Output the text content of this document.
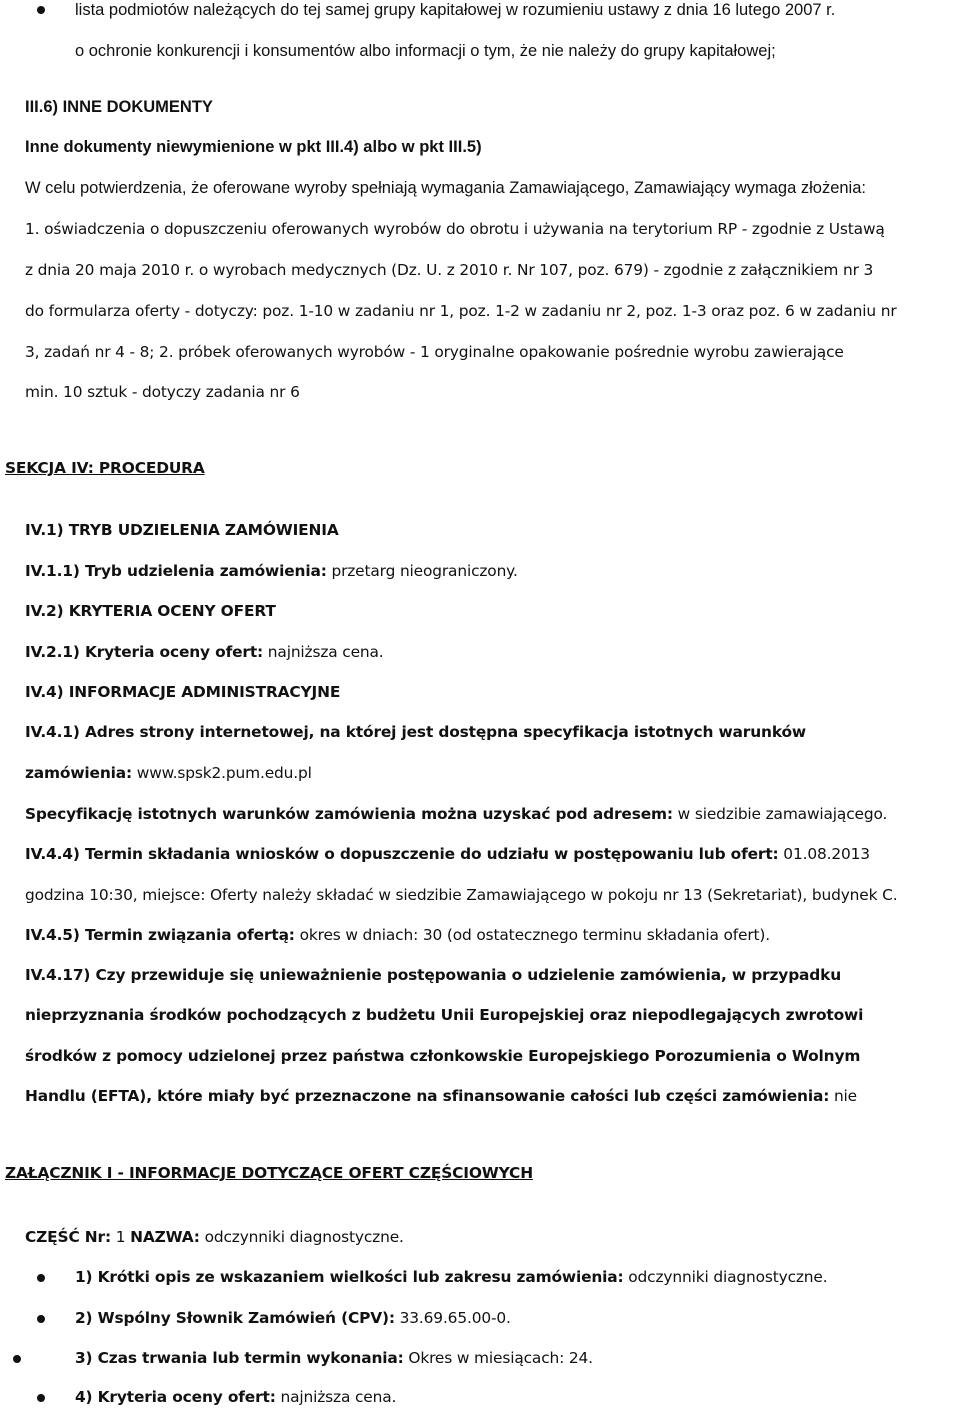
lista podmiotów należących do tej samej grupy kapitałowej w rozumieniu ustawy z dnia 16 lutego 2007 r.
o ochronie konkurencji i konsumentów albo informacji o tym, że nie należy do grupy kapitałowej;
III.6) INNE DOKUMENTY
Inne dokumenty niewymienione w pkt III.4) albo w pkt III.5)
W celu potwierdzenia, że oferowane wyroby spełniają wymagania Zamawiającego, Zamawiający wymaga złożenia:
1. oświadczenia o dopuszczeniu oferowanych wyrobów do obrotu i używania na terytorium RP - zgodnie z Ustawą
z dnia 20 maja 2010 r. o wyrobach medycznych (Dz. U. z 2010 r. Nr 107, poz. 679) - zgodnie z załącznikiem nr 3
do formularza oferty - dotyczy: poz. 1-10 w zadaniu nr 1, poz. 1-2 w zadaniu nr 2, poz. 1-3 oraz poz. 6 w zadaniu nr
3, zadań nr 4 - 8; 2. próbek oferowanych wyrobów - 1 oryginalne opakowanie pośrednie wyrobu zawierające
min. 10 sztuk - dotyczy zadania nr 6
SEKCJA IV: PROCEDURA
IV.1) TRYB UDZIELENIA ZAMÓWIENIA
IV.1.1) Tryb udzielenia zamówienia: przetarg nieograniczony.
IV.2) KRYTERIA OCENY OFERT
IV.2.1) Kryteria oceny ofert: najniższa cena.
IV.4) INFORMACJE ADMINISTRACYJNE
IV.4.1) Adres strony internetowej, na której jest dostępna specyfikacja istotnych warunków
zamówienia: www.spsk2.pum.edu.pl
Specyfikację istotnych warunków zamówienia można uzyskać pod adresem: w siedzibie zamawiającego.
IV.4.4) Termin składania wniosków o dopuszczenie do udziału w postępowaniu lub ofert: 01.08.2013
godzina 10:30, miejsce: Oferty należy składać w siedzibie Zamawiającego w pokoju nr 13 (Sekretariat), budynek C.
IV.4.5) Termin związania ofertą: okres w dniach: 30 (od ostatecznego terminu składania ofert).
IV.4.17) Czy przewiduje się unieważnienie postępowania o udzielenie zamówienia, w przypadku
nieprzyznania środków pochodzących z budżetu Unii Europejskiej oraz niepodlegających zwrotowi
środków z pomocy udzielonej przez państwa członkowskie Europejskiego Porozumienia o Wolnym
Handlu (EFTA), które miały być przeznaczone na sfinansowanie całości lub części zamówienia: nie
ZAŁĄCZNIK I - INFORMACJE DOTYCZĄCE OFERT CZĘŚCIOWYCH
CZĘŚĆ Nr: 1 NAZWA: odczynniki diagnostyczne.
1) Krótki opis ze wskazaniem wielkości lub zakresu zamówienia: odczynniki diagnostyczne.
2) Wspólny Słownik Zamówień (CPV): 33.69.65.00-0.
3) Czas trwania lub termin wykonania: Okres w miesiącach: 24.
4) Kryteria oceny ofert: najniższa cena.
